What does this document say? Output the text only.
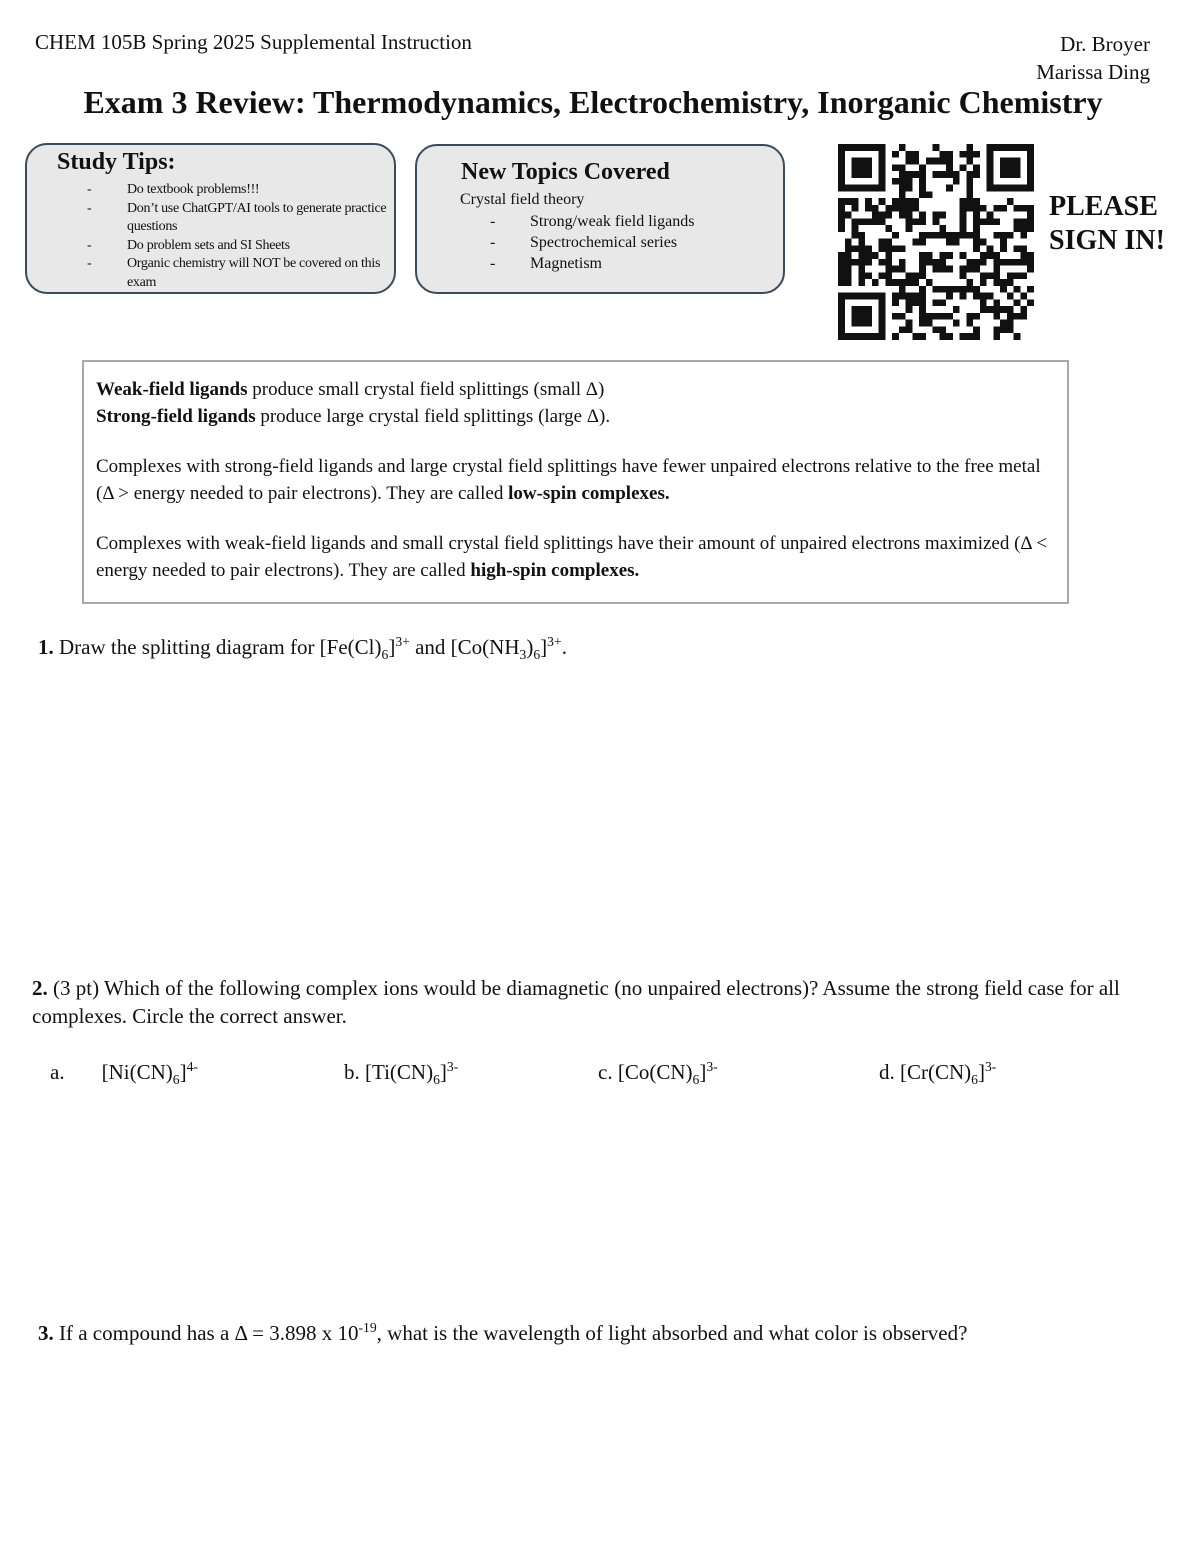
CHEM 105B Spring 2025 Supplemental Instruction	Dr. Broyer
Marissa Ding
Exam 3 Review: Thermodynamics, Electrochemistry, Inorganic Chemistry
Study Tips:
- Do textbook problems!!!
- Don’t use ChatGPT/AI tools to generate practice questions
- Do problem sets and SI Sheets
- Organic chemistry will NOT be covered on this exam
New Topics Covered
Crystal field theory
- Strong/weak field ligands
- Spectrochemical series
- Magnetism
PLEASE
SIGN IN!

Weak-field ligands produce small crystal field splittings (small Δ)

Strong-field ligands produce large crystal field splittings (large Δ).

Complexes with strong-field ligands and large crystal field splittings have fewer unpaired electrons relative to the free metal (Δ > energy needed to pair electrons). They are called low-spin complexes.

Complexes with weak-field ligands and small crystal field splittings have their amount of unpaired electrons maximized (Δ < energy needed to pair electrons). They are called high-spin complexes.

1. Draw the splitting diagram for $[Fe(Cl)_6]^{3+}$ and $[Co(NH_3)_6]^{3+}$.
2. (3 pt) Which of the following complex ions would be diamagnetic (no unpaired electrons)? Assume the strong field case for all complexes. Circle the correct answer.
a. $[Ni(CN)_6]^{4-}$	b. $[Ti(CN)_6]^{3-}$	c. $[Co(CN)_6]^{3-}$	d. $[Cr(CN)_6]^{3-}$
3. If a compound has a Δ = 3.898 x $10^{-19}$, what is the wavelength of light absorbed and what color is observed?
